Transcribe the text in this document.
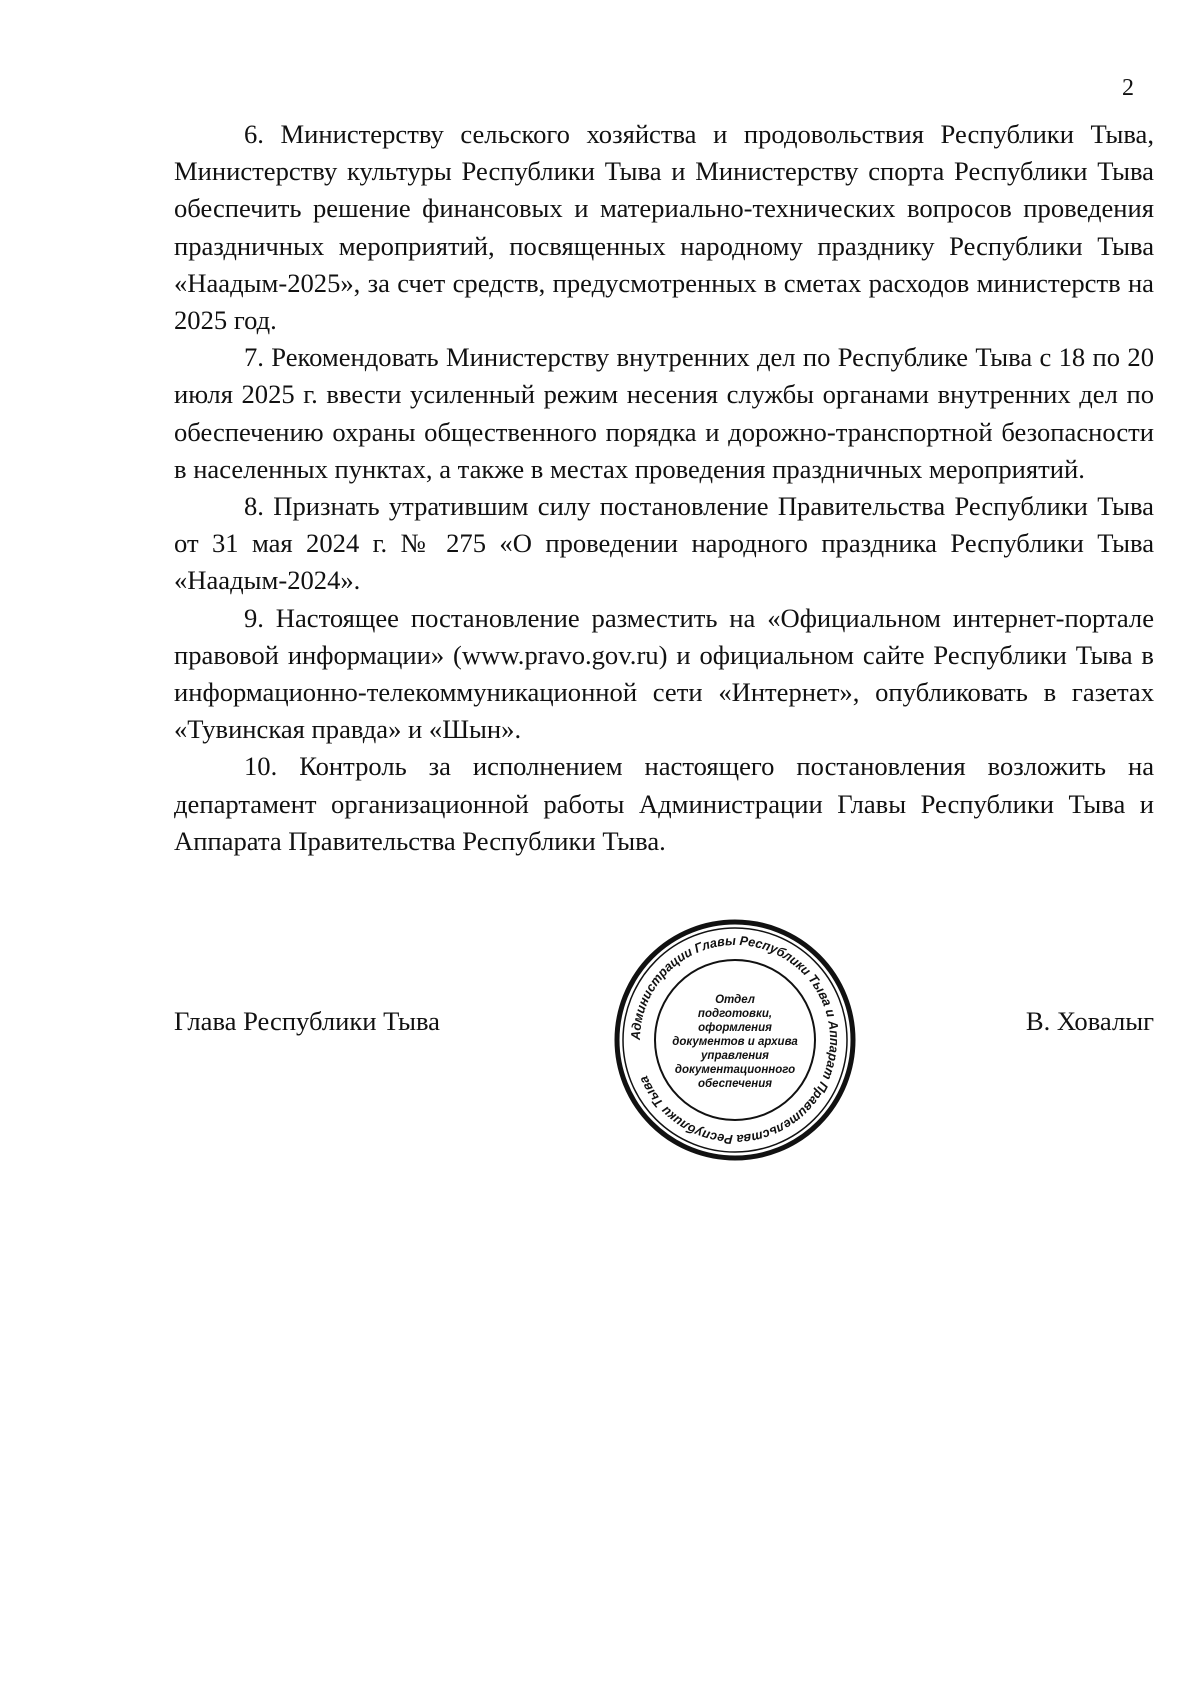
2

6. Министерству сельского хозяйства и продовольствия Республики Тыва, Министерству культуры Республики Тыва и Министерству спорта Республики Тыва обеспечить решение финансовых и материально-технических вопросов проведения праздничных мероприятий, посвященных народному празднику Республики Тыва «Наадым-2025», за счет средств, предусмотренных в сметах расходов министерств на 2025 год.

7. Рекомендовать Министерству внутренних дел по Республике Тыва с 18 по 20 июля 2025 г. ввести усиленный режим несения службы органами внутренних дел по обеспечению охраны общественного порядка и дорожно-транспортной безопасности в населенных пунктах, а также в местах проведения праздничных мероприятий.

8. Признать утратившим силу постановление Правительства Республики Тыва от 31 мая 2024 г. № 275 «О проведении народного праздника Республики Тыва «Наадым-2024».

9. Настоящее постановление разместить на «Официальном интернет-портале правовой информации» (www.pravo.gov.ru) и официальном сайте Республики Тыва в информационно-телекоммуникационной сети «Интернет», опубликовать в газетах «Тувинская правда» и «Шын».

10. Контроль за исполнением настоящего постановления возложить на департамент организационной работы Администрации Главы Республики Тыва и Аппарата Правительства Республики Тыва.

Глава Республики Тыва	В. Ховалыг
Администрации Главы Республики Тыва и Аппарат Правительства Республики Тыва
Отдел
подготовки,
оформления
документов и архива
управления
документационного
обеспечения
